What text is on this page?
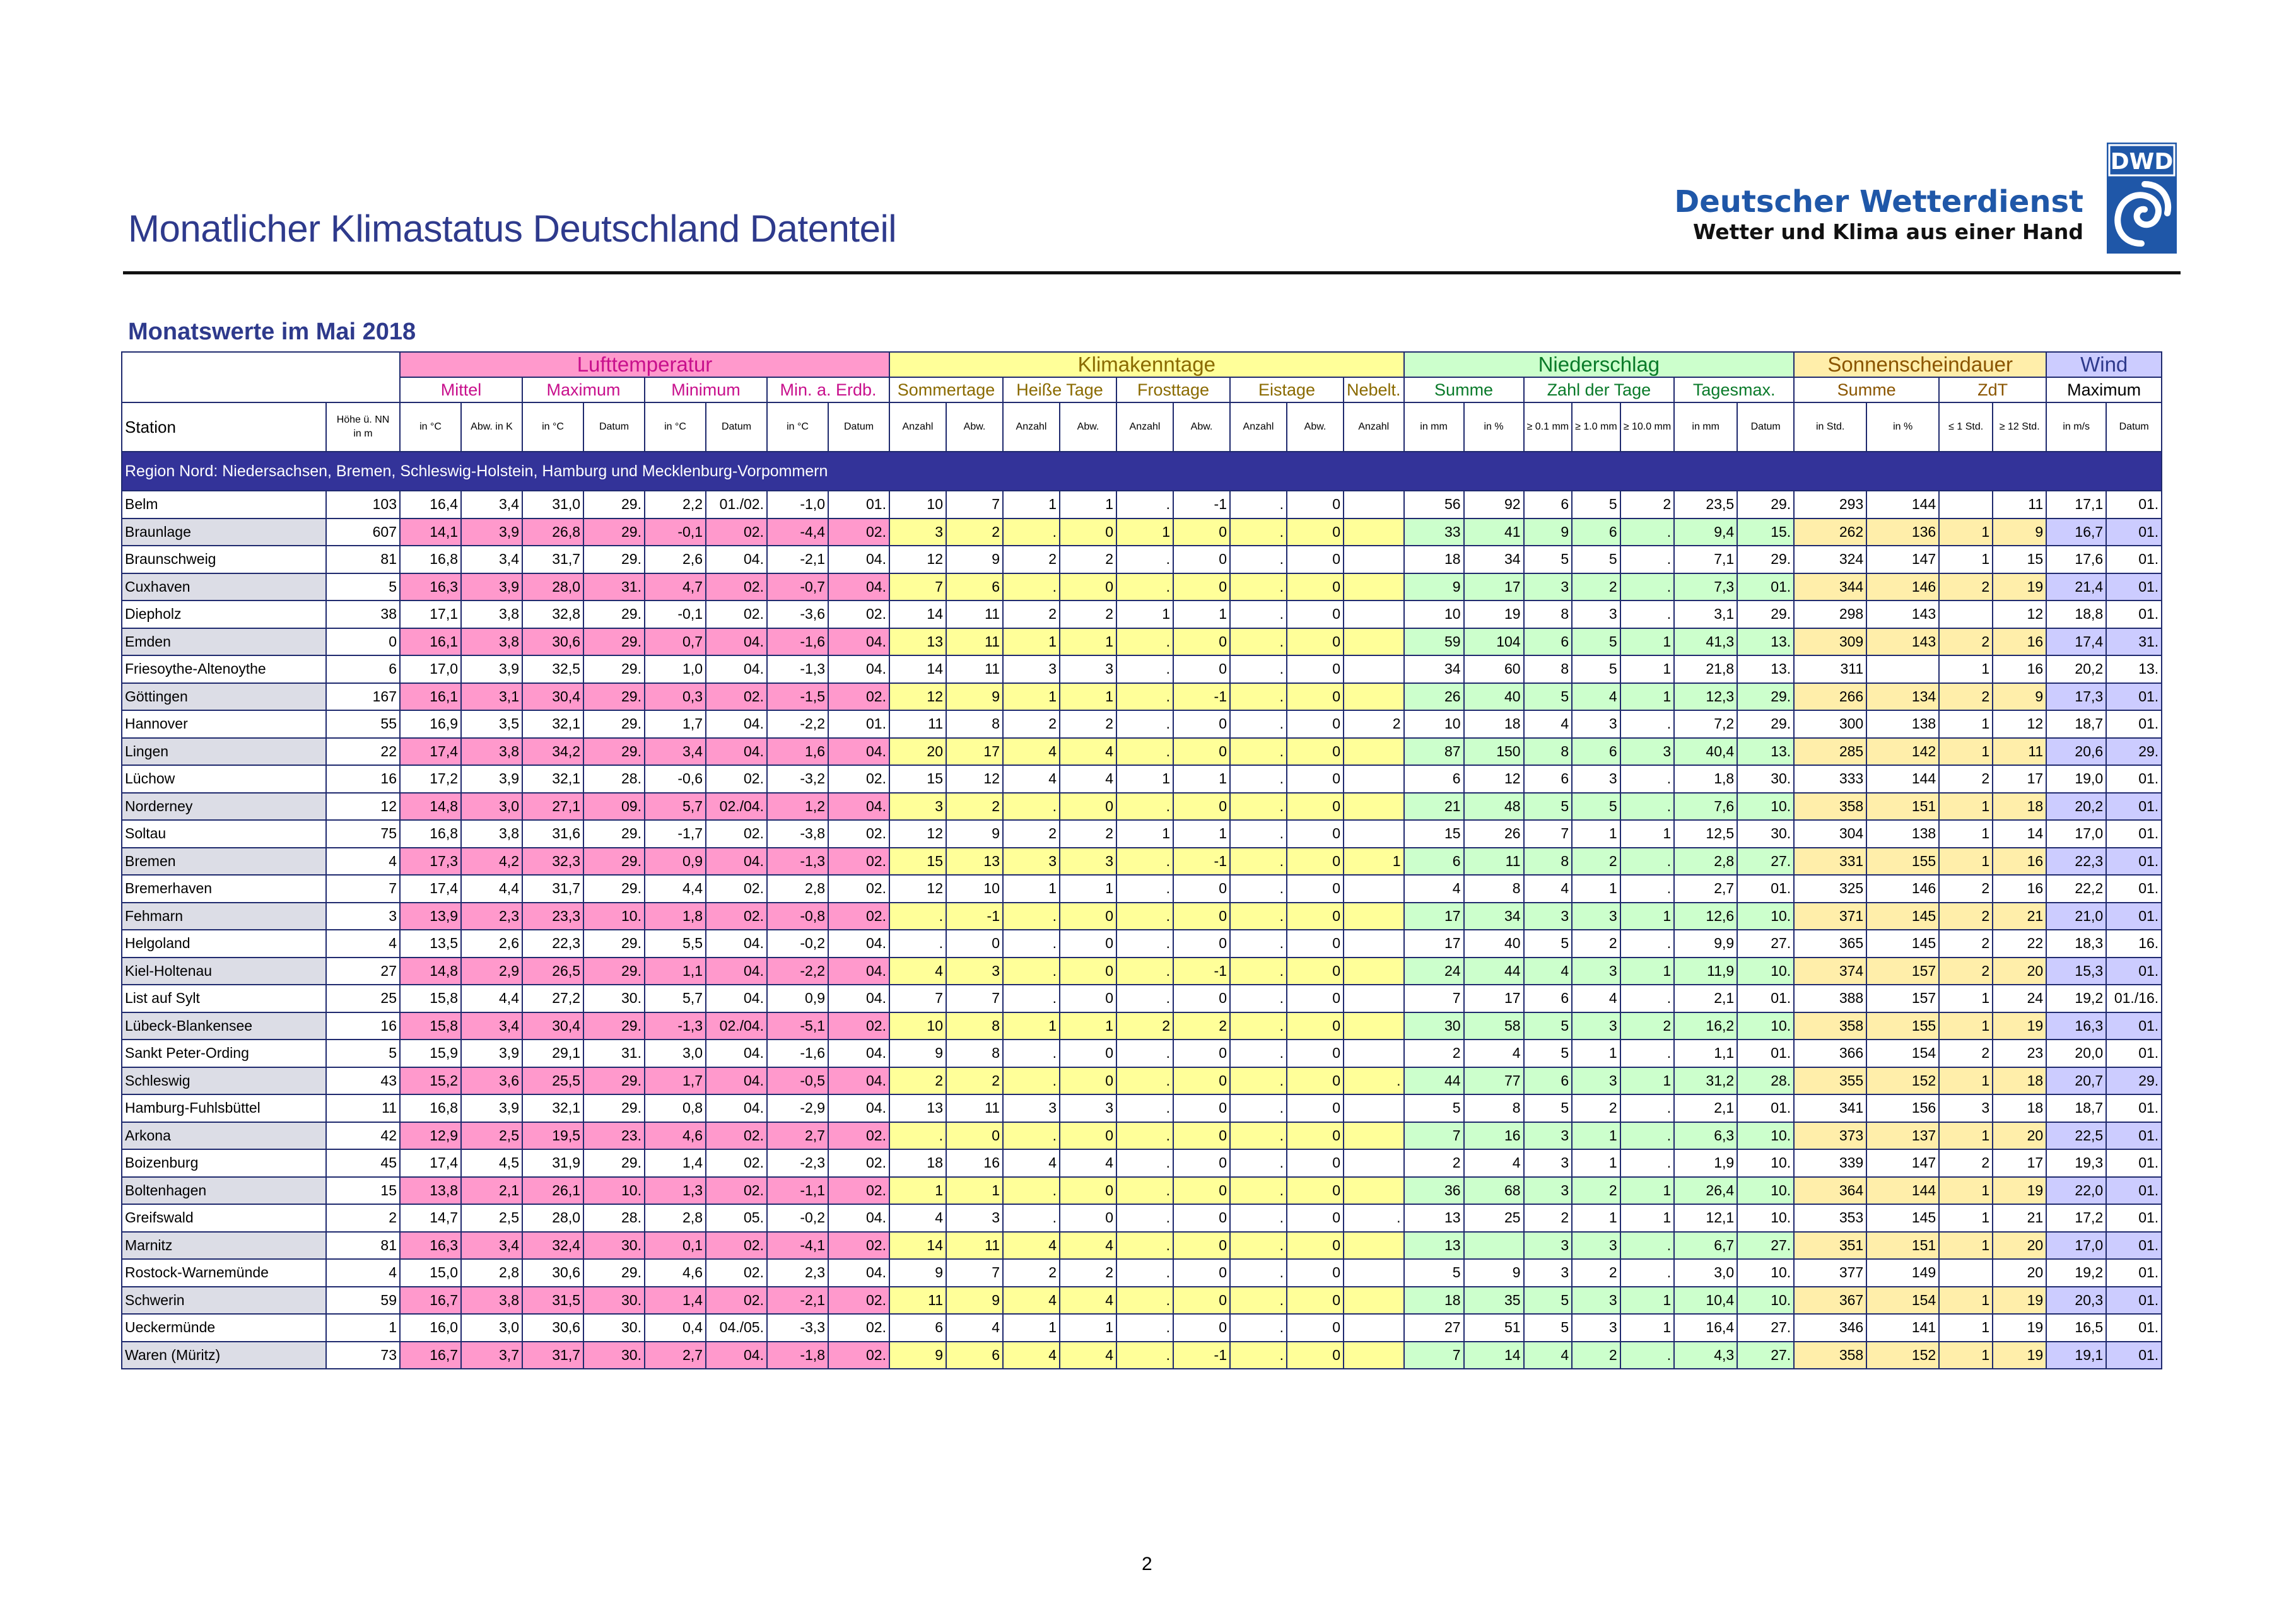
Monatlicher Klimastatus Deutschland Datenteil
Deutscher Wetterdienst
Wetter und Klima aus einer Hand
DWD
Monatswerte im Mai 2018
		Lufttemperatur								Klimakenntage									Niederschlag							Sonnenscheindauer				Wind	
		Mittel		Maximum		Minimum		Min. a. Erdb.		Sommertage		Heiße Tage		Frosttage		Eistage		Nebelt.	Summe		Zahl der Tage			Tagesmax.		Summe		ZdT		Maximum	
Station	Höhe ü. NN
in m	in °C	Abw. in K	in °C	Datum	in °C	Datum	in °C	Datum	Anzahl	Abw.	Anzahl	Abw.	Anzahl	Abw.	Anzahl	Abw.	Anzahl	in mm	in %	≥ 0.1 mm	≥ 1.0 mm	≥ 10.0 mm	in mm	Datum	in Std.	in %	≤ 1 Std.	≥ 12 Std.	in m/s	Datum
Region Nord: Niedersachsen, Bremen, Schleswig-Holstein, Hamburg und Mecklenburg-Vorpommern																															
Belm	103	16,4	3,4	31,0	29.	2,2	01./02.	-1,0	01.	10	7	1	1	.	-1	.	0		56	92	6	5	2	23,5	29.	293	144		11	17,1	01.
Braunlage	607	14,1	3,9	26,8	29.	-0,1	02.	-4,4	02.	3	2	.	0	1	0	.	0		33	41	9	6	.	9,4	15.	262	136	1	9	16,7	01.
Braunschweig	81	16,8	3,4	31,7	29.	2,6	04.	-2,1	04.	12	9	2	2	.	0	.	0		18	34	5	5	.	7,1	29.	324	147	1	15	17,6	01.
Cuxhaven	5	16,3	3,9	28,0	31.	4,7	02.	-0,7	04.	7	6	.	0	.	0	.	0		9	17	3	2	.	7,3	01.	344	146	2	19	21,4	01.
Diepholz	38	17,1	3,8	32,8	29.	-0,1	02.	-3,6	02.	14	11	2	2	1	1	.	0		10	19	8	3	.	3,1	29.	298	143		12	18,8	01.
Emden	0	16,1	3,8	30,6	29.	0,7	04.	-1,6	04.	13	11	1	1	.	0	.	0		59	104	6	5	1	41,3	13.	309	143	2	16	17,4	31.
Friesoythe-Altenoythe	6	17,0	3,9	32,5	29.	1,0	04.	-1,3	04.	14	11	3	3	.	0	.	0		34	60	8	5	1	21,8	13.	311		1	16	20,2	13.
Göttingen	167	16,1	3,1	30,4	29.	0,3	02.	-1,5	02.	12	9	1	1	.	-1	.	0		26	40	5	4	1	12,3	29.	266	134	2	9	17,3	01.
Hannover	55	16,9	3,5	32,1	29.	1,7	04.	-2,2	01.	11	8	2	2	.	0	.	0	2	10	18	4	3	.	7,2	29.	300	138	1	12	18,7	01.
Lingen	22	17,4	3,8	34,2	29.	3,4	04.	1,6	04.	20	17	4	4	.	0	.	0		87	150	8	6	3	40,4	13.	285	142	1	11	20,6	29.
Lüchow	16	17,2	3,9	32,1	28.	-0,6	02.	-3,2	02.	15	12	4	4	1	1	.	0		6	12	6	3	.	1,8	30.	333	144	2	17	19,0	01.
Norderney	12	14,8	3,0	27,1	09.	5,7	02./04.	1,2	04.	3	2	.	0	.	0	.	0		21	48	5	5	.	7,6	10.	358	151	1	18	20,2	01.
Soltau	75	16,8	3,8	31,6	29.	-1,7	02.	-3,8	02.	12	9	2	2	1	1	.	0		15	26	7	1	1	12,5	30.	304	138	1	14	17,0	01.
Bremen	4	17,3	4,2	32,3	29.	0,9	04.	-1,3	02.	15	13	3	3	.	-1	.	0	1	6	11	8	2	.	2,8	27.	331	155	1	16	22,3	01.
Bremerhaven	7	17,4	4,4	31,7	29.	4,4	02.	2,8	02.	12	10	1	1	.	0	.	0		4	8	4	1	.	2,7	01.	325	146	2	16	22,2	01.
Fehmarn	3	13,9	2,3	23,3	10.	1,8	02.	-0,8	02.	.	-1	.	0	.	0	.	0		17	34	3	3	1	12,6	10.	371	145	2	21	21,0	01.
Helgoland	4	13,5	2,6	22,3	29.	5,5	04.	-0,2	04.	.	0	.	0	.	0	.	0		17	40	5	2	.	9,9	27.	365	145	2	22	18,3	16.
Kiel-Holtenau	27	14,8	2,9	26,5	29.	1,1	04.	-2,2	04.	4	3	.	0	.	-1	.	0		24	44	4	3	1	11,9	10.	374	157	2	20	15,3	01.
List auf Sylt	25	15,8	4,4	27,2	30.	5,7	04.	0,9	04.	7	7	.	0	.	0	.	0		7	17	6	4	.	2,1	01.	388	157	1	24	19,2	01./16.
Lübeck-Blankensee	16	15,8	3,4	30,4	29.	-1,3	02./04.	-5,1	02.	10	8	1	1	2	2	.	0		30	58	5	3	2	16,2	10.	358	155	1	19	16,3	01.
Sankt Peter-Ording	5	15,9	3,9	29,1	31.	3,0	04.	-1,6	04.	9	8	.	0	.	0	.	0		2	4	5	1	.	1,1	01.	366	154	2	23	20,0	01.
Schleswig	43	15,2	3,6	25,5	29.	1,7	04.	-0,5	04.	2	2	.	0	.	0	.	0	.	44	77	6	3	1	31,2	28.	355	152	1	18	20,7	29.
Hamburg-Fuhlsbüttel	11	16,8	3,9	32,1	29.	0,8	04.	-2,9	04.	13	11	3	3	.	0	.	0		5	8	5	2	.	2,1	01.	341	156	3	18	18,7	01.
Arkona	42	12,9	2,5	19,5	23.	4,6	02.	2,7	02.	.	0	.	0	.	0	.	0		7	16	3	1	.	6,3	10.	373	137	1	20	22,5	01.
Boizenburg	45	17,4	4,5	31,9	29.	1,4	02.	-2,3	02.	18	16	4	4	.	0	.	0		2	4	3	1	.	1,9	10.	339	147	2	17	19,3	01.
Boltenhagen	15	13,8	2,1	26,1	10.	1,3	02.	-1,1	02.	1	1	.	0	.	0	.	0		36	68	3	2	1	26,4	10.	364	144	1	19	22,0	01.
Greifswald	2	14,7	2,5	28,0	28.	2,8	05.	-0,2	04.	4	3	.	0	.	0	.	0	.	13	25	2	1	1	12,1	10.	353	145	1	21	17,2	01.
Marnitz	81	16,3	3,4	32,4	30.	0,1	02.	-4,1	02.	14	11	4	4	.	0	.	0		13		3	3	.	6,7	27.	351	151	1	20	17,0	01.
Rostock-Warnemünde	4	15,0	2,8	30,6	29.	4,6	02.	2,3	04.	9	7	2	2	.	0	.	0		5	9	3	2	.	3,0	10.	377	149		20	19,2	01.
Schwerin	59	16,7	3,8	31,5	30.	1,4	02.	-2,1	02.	11	9	4	4	.	0	.	0		18	35	5	3	1	10,4	10.	367	154	1	19	20,3	01.
Ueckermünde	1	16,0	3,0	30,6	30.	0,4	04./05.	-3,3	02.	6	4	1	1	.	0	.	0		27	51	5	3	1	16,4	27.	346	141	1	19	16,5	01.
Waren (Müritz)	73	16,7	3,7	31,7	30.	2,7	04.	-1,8	02.	9	6	4	4	.	-1	.	0		7	14	4	2	.	4,3	27.	358	152	1	19	19,1	01.
2
